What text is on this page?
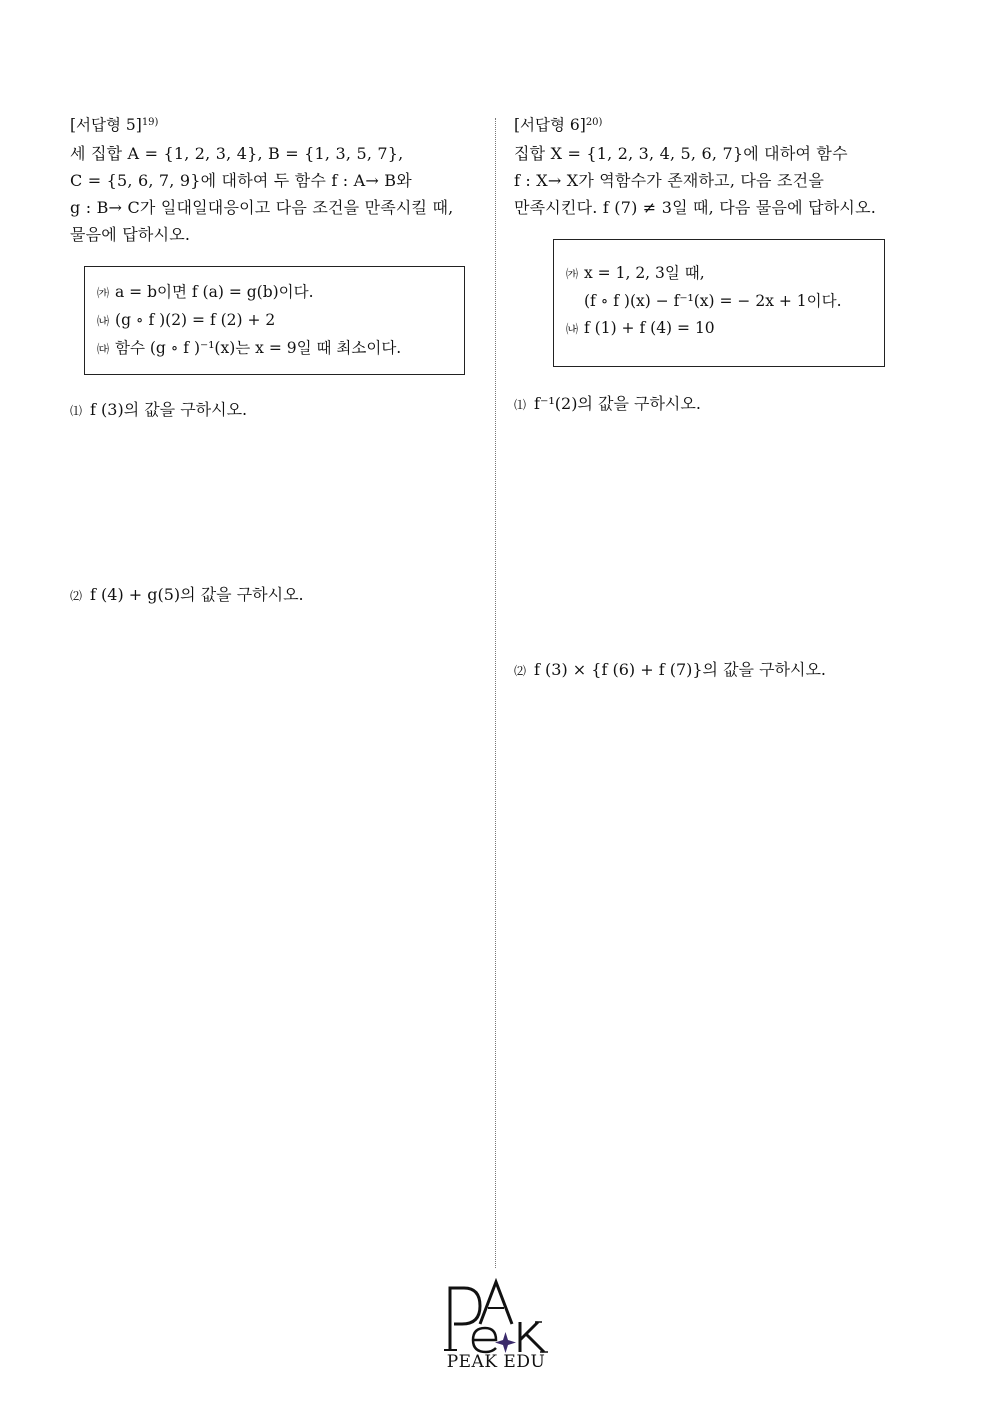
[서답형 5]$^{19)}$

세 집합 A = {1, 2, 3, 4}, B = {1, 3, 5, 7},

C = {5, 6, 7, 9}에 대하여 두 함수 f : A→ B와

g : B→ C가 일대일대응이고 다음 조건을 만족시킬 때,

물음에 답하시오.

㈎ a = b이면 f (a) = g(b)이다.

㈏ (g ∘ f )(2) = f (2) + 2

㈐ 함수 (g ∘ f )⁻¹(x)는 x = 9일 때 최소이다.

⑴ f (3)의 값을 구하시오.
⑵ f (4) + g(5)의 값을 구하시오.
[서답형 6]$^{20)}$

집합 X = {1, 2, 3, 4, 5, 6, 7}에 대하여 함수

f : X→ X가 역함수가 존재하고, 다음 조건을

만족시킨다. f (7) ≠ 3일 때, 다음 물음에 답하시오.

㈎ x = 1, 2, 3일 때,

(f ∘ f )(x) − f⁻¹(x) = − 2x + 1이다.

㈏ f (1) + f (4) = 10

⑴ f⁻¹(2)의 값을 구하시오.
⑵ f (3) × {f (6) + f (7)}의 값을 구하시오.
PeAK
PEAK EDU
